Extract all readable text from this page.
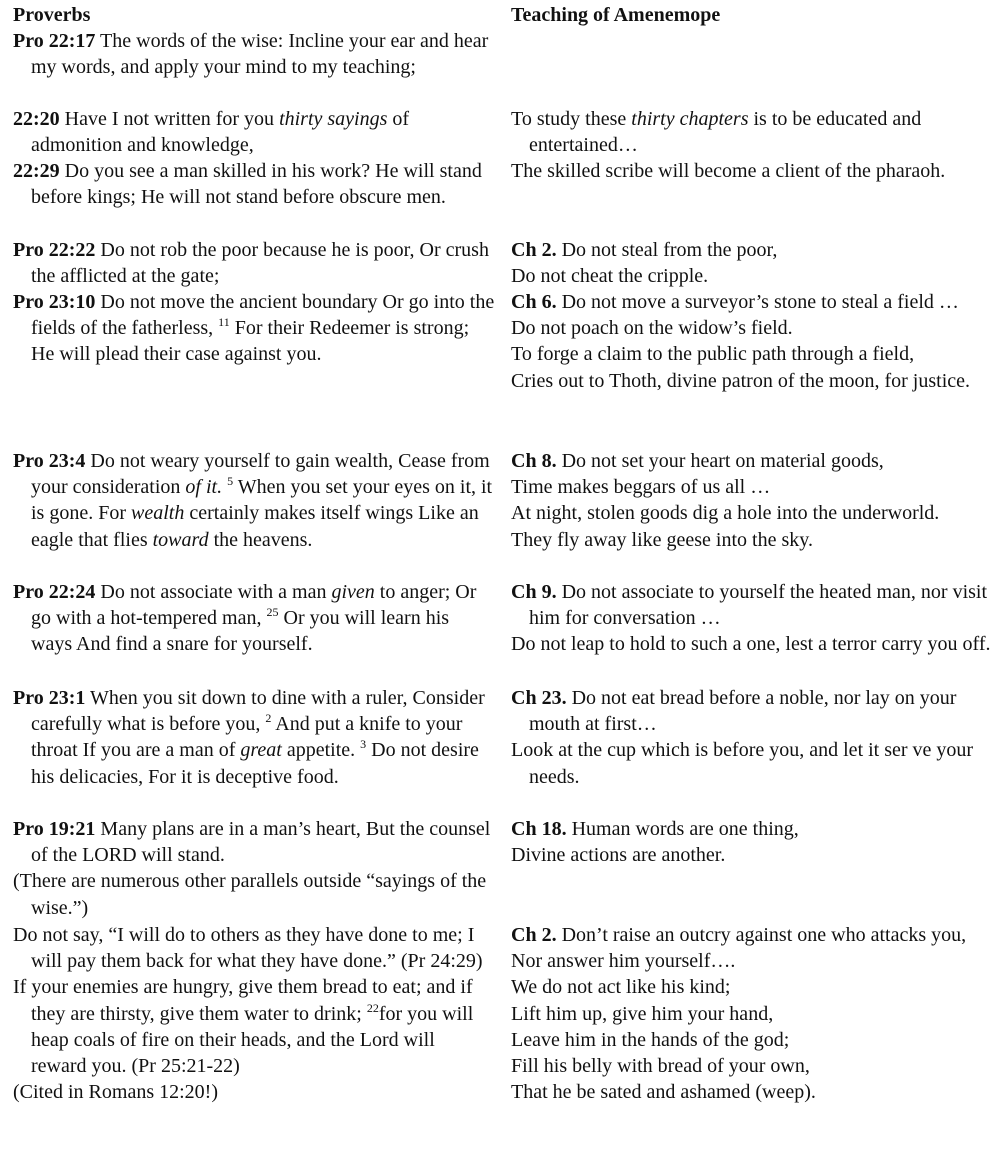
Proverbs	Teaching of Amenemope

Pro 22:17 The words of the wise: Incline your ear and hear my words, and apply your mind to my teaching;

22:20 Have I not written for you thirty sayings of admonition and knowledge,

To study these thirty chapters is to be educated and entertained…

22:29 Do you see a man skilled in his work? He will stand before kings; He will not stand before obscure men.

The skilled scribe will become a client of the pharaoh.

Pro 22:22 Do not rob the poor because he is poor, Or crush the afflicted at the gate;

Ch 2. Do not steal from the poor,

Do not cheat the cripple.

Pro 23:10 Do not move the ancient boundary Or go into the fields of the fatherless, $^{11}$ For their Redeemer is strong; He will plead their case against you.

Ch 6. Do not move a surveyor’s stone to steal a field …

Do not poach on the widow’s field.

To forge a claim to the public path through a field,

Cries out to Thoth, divine patron of the moon, for justice.

Pro 23:4 Do not weary yourself to gain wealth, Cease from your consideration of it. $^5$ When you set your eyes on it, it is gone. For wealth certainly makes itself wings Like an eagle that flies toward the heavens.

Ch 8. Do not set your heart on material goods,

Time makes beggars of us all …

At night, stolen goods dig a hole into the underworld.

They fly away like geese into the sky.

Pro 22:24 Do not associate with a man given to anger; Or go with a hot-tempered man, $^{25}$ Or you will learn his ways And find a snare for yourself.

Ch 9. Do not associate to yourself the heated man, nor visit him for conversation …

Do not leap to hold to such a one, lest a terror carry you off.

Pro 23:1 When you sit down to dine with a ruler, Consider carefully what is before you, $^2$ And put a knife to your throat If you are a man of great appetite. $^3$ Do not desire his delicacies, For it is deceptive food.

Ch 23. Do not eat bread before a noble, nor lay on your mouth at first…

Look at the cup which is before you, and let it ser ve your needs.

Pro 19:21 Many plans are in a man’s heart, But the counsel of the LORD will stand.

(There are numerous other parallels outside “sayings of the wise.”)

Ch 18. Human words are one thing,

Divine actions are another.

Do not say, “I will do to others as they have done to me; I will pay them back for what they have done.” (Pr 24:29)

If your enemies are hungry, give them bread to eat; and if they are thirsty, give them water to drink; $^{22}$for you will heap coals of fire on their heads, and the Lord will reward you. (Pr 25:21-22)

(Cited in Romans 12:20!)

Ch 2. Don’t raise an outcry against one who attacks you,

Nor answer him yourself….

We do not act like his kind;

Lift him up, give him your hand,

Leave him in the hands of the god;

Fill his belly with bread of your own,

That he be sated and ashamed (weep).
